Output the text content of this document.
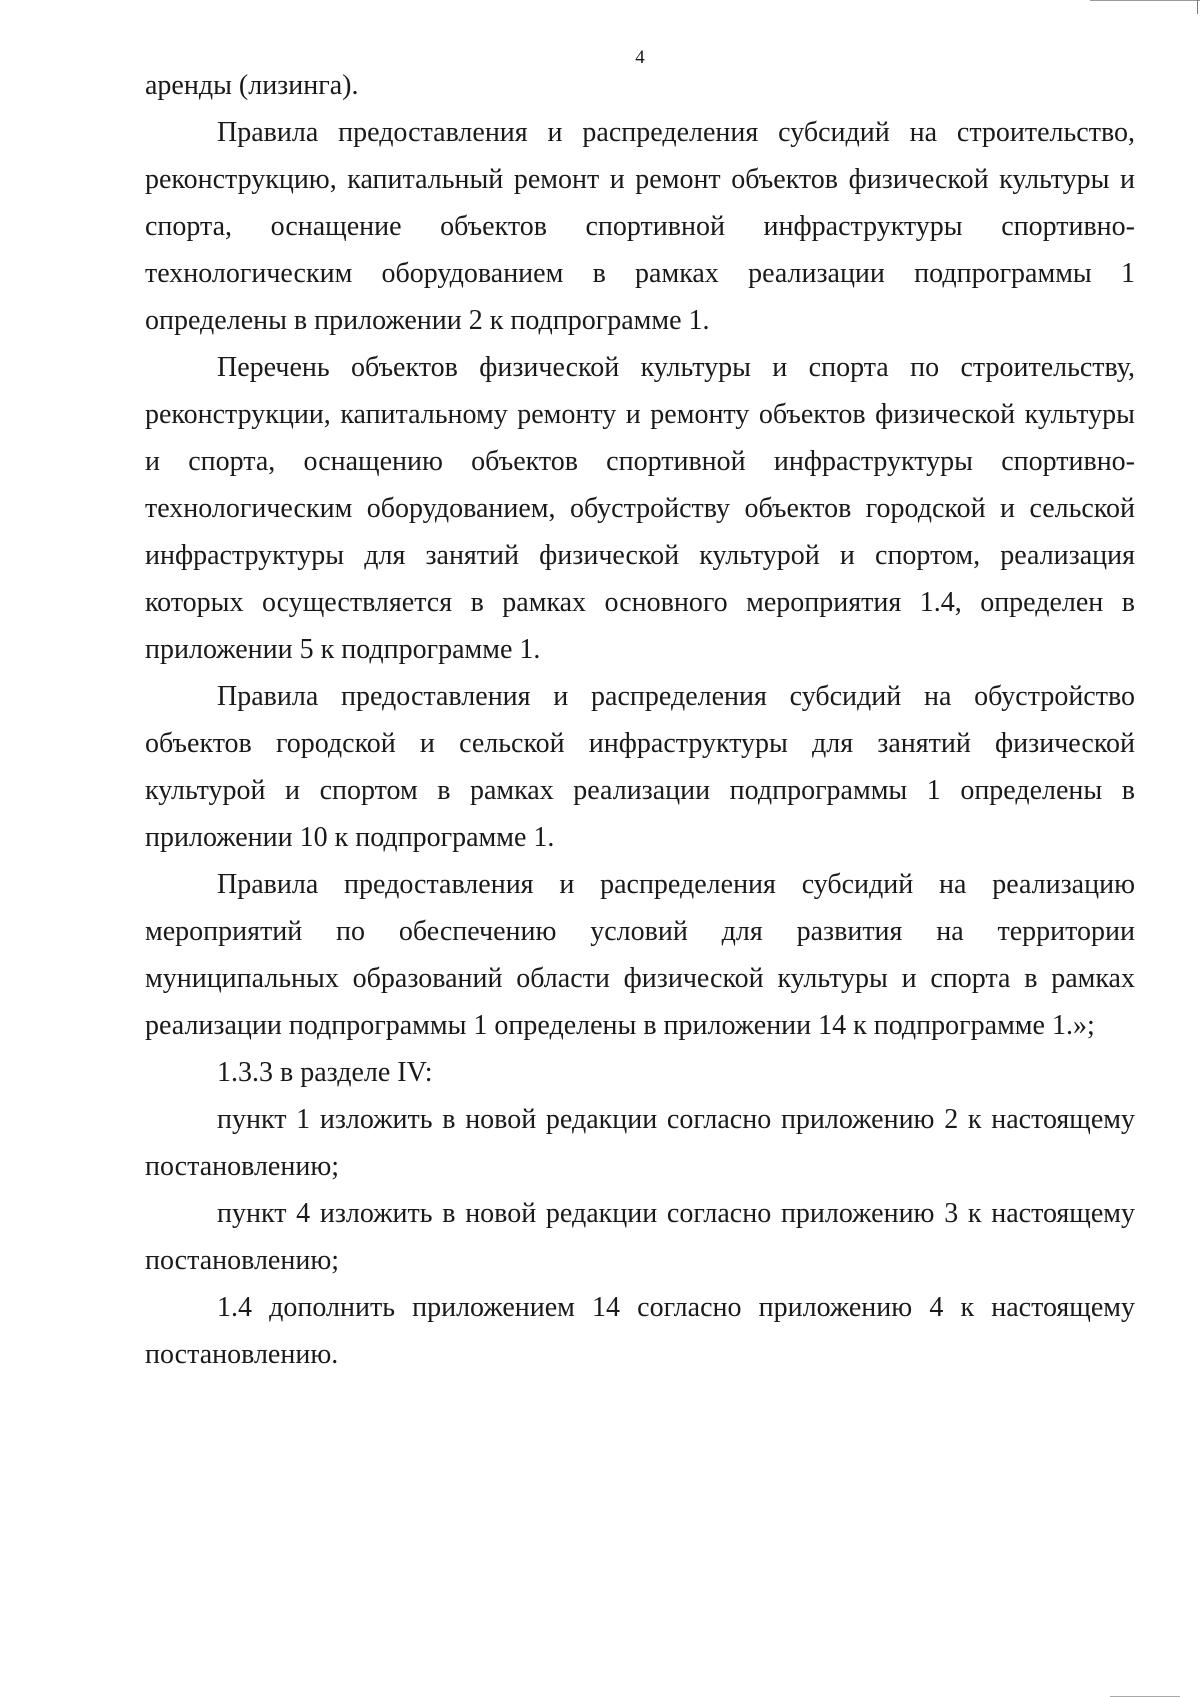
4

аренды (лизинга).

Правила предоставления и распределения субсидий на строительство, реконструкцию, капитальный ремонт и ремонт объектов физической культуры и спорта, оснащение объектов спортивной инфраструктуры спортивно-технологическим оборудованием в рамках реализации подпрограммы 1 определены в приложении 2 к подпрограмме 1.

Перечень объектов физической культуры и спорта по строительству, реконструкции, капитальному ремонту и ремонту объектов физической культуры и спорта, оснащению объектов спортивной инфраструктуры спортивно-технологическим оборудованием, обустройству объектов городской и сельской инфраструктуры для занятий физической культурой и спортом, реализация которых осуществляется в рамках основного мероприятия 1.4, определен в приложении 5 к подпрограмме 1.

Правила предоставления и распределения субсидий на обустройство объектов городской и сельской инфраструктуры для занятий физической культурой и спортом в рамках реализации подпрограммы 1 определены в приложении 10 к подпрограмме 1.

Правила предоставления и распределения субсидий на реализацию мероприятий по обеспечению условий для развития на территории муниципальных образований области физической культуры и спорта в рамках реализации подпрограммы 1 определены в приложении 14 к подпрограмме 1.»;

1.3.3 в разделе IV:

пункт 1 изложить в новой редакции согласно приложению 2 к настоящему постановлению;

пункт 4 изложить в новой редакции согласно приложению 3 к настоящему постановлению;

1.4 дополнить приложением 14 согласно приложению 4 к настоящему постановлению.
